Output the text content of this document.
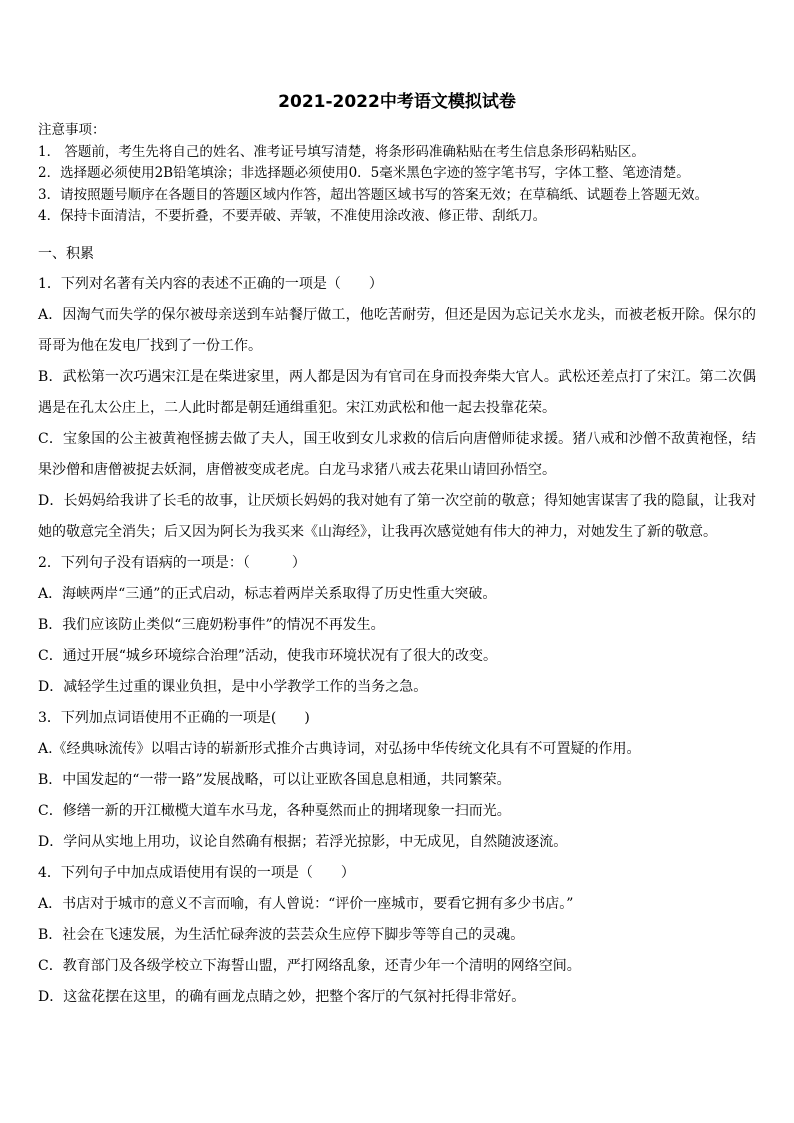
2021-2022中考语文模拟试卷
注意事项：
1． 答题前，考生先将自己的姓名、准考证号填写清楚，将条形码准确粘贴在考生信息条形码粘贴区。
2．选择题必须使用2B铅笔填涂；非选择题必须使用0．5毫米黑色字迹的签字笔书写，字体工整、笔迹清楚。
3．请按照题号顺序在各题目的答题区域内作答，超出答题区域书写的答案无效；在草稿纸、试题卷上答题无效。
4．保持卡面清洁，不要折叠，不要弄破、弄皱，不准使用涂改液、修正带、刮纸刀。
一、积累
1．下列对名著有关内容的表述不正确的一项是（　　）
A．因淘气而失学的保尔被母亲送到车站餐厅做工，他吃苦耐劳，但还是因为忘记关水龙头，而被老板开除。保尔的哥哥为他在发电厂找到了一份工作。
B．武松第一次巧遇宋江是在柴进家里，两人都是因为有官司在身而投奔柴大官人。武松还差点打了宋江。第二次偶遇是在孔太公庄上，二人此时都是朝廷通缉重犯。宋江劝武松和他一起去投靠花荣。
C．宝象国的公主被黄袍怪掳去做了夫人，国王收到女儿求救的信后向唐僧师徒求援。猪八戒和沙僧不敌黄袍怪，结果沙僧和唐僧被捉去妖洞，唐僧被变成老虎。白龙马求猪八戒去花果山请回孙悟空。
D．长妈妈给我讲了长毛的故事，让厌烦长妈妈的我对她有了第一次空前的敬意；得知她害谋害了我的隐鼠，让我对她的敬意完全消失；后又因为阿长为我买来《山海经》，让我再次感觉她有伟大的神力，对她发生了新的敬意。
2．下列句子没有语病的一项是：（　　　）
A．海峡两岸“三通”的正式启动，标志着两岸关系取得了历史性重大突破。
B．我们应该防止类似“三鹿奶粉事件”的情况不再发生。
C．通过开展“城乡环境综合治理”活动，使我市环境状况有了很大的改变。
D．减轻学生过重的课业负担，是中小学教学工作的当务之急。
3．下列加点词语使用不正确的一项是(　　)
A.《经典咏流传》以唱古诗的崭新形式推介古典诗词，对弘扬中华传统文化具有不可置疑的作用。
B．中国发起的“一带一路”发展战略，可以让亚欧各国息息相通，共同繁荣。
C．修缮一新的开江橄榄大道车水马龙，各种戛然而止的拥堵现象一扫而光。
D．学问从实地上用功，议论自然确有根据；若浮光掠影，中无成见，自然随波逐流。
4．下列句子中加点成语使用有误的一项是（　　）
A．书店对于城市的意义不言而喻，有人曾说：“评价一座城市，要看它拥有多少书店。”
B．社会在飞速发展，为生活忙碌奔波的芸芸众生应停下脚步等等自己的灵魂。
C．教育部门及各级学校立下海誓山盟，严打网络乱象，还青少年一个清明的网络空间。
D．这盆花摆在这里，的确有画龙点睛之妙，把整个客厅的气氛衬托得非常好。
